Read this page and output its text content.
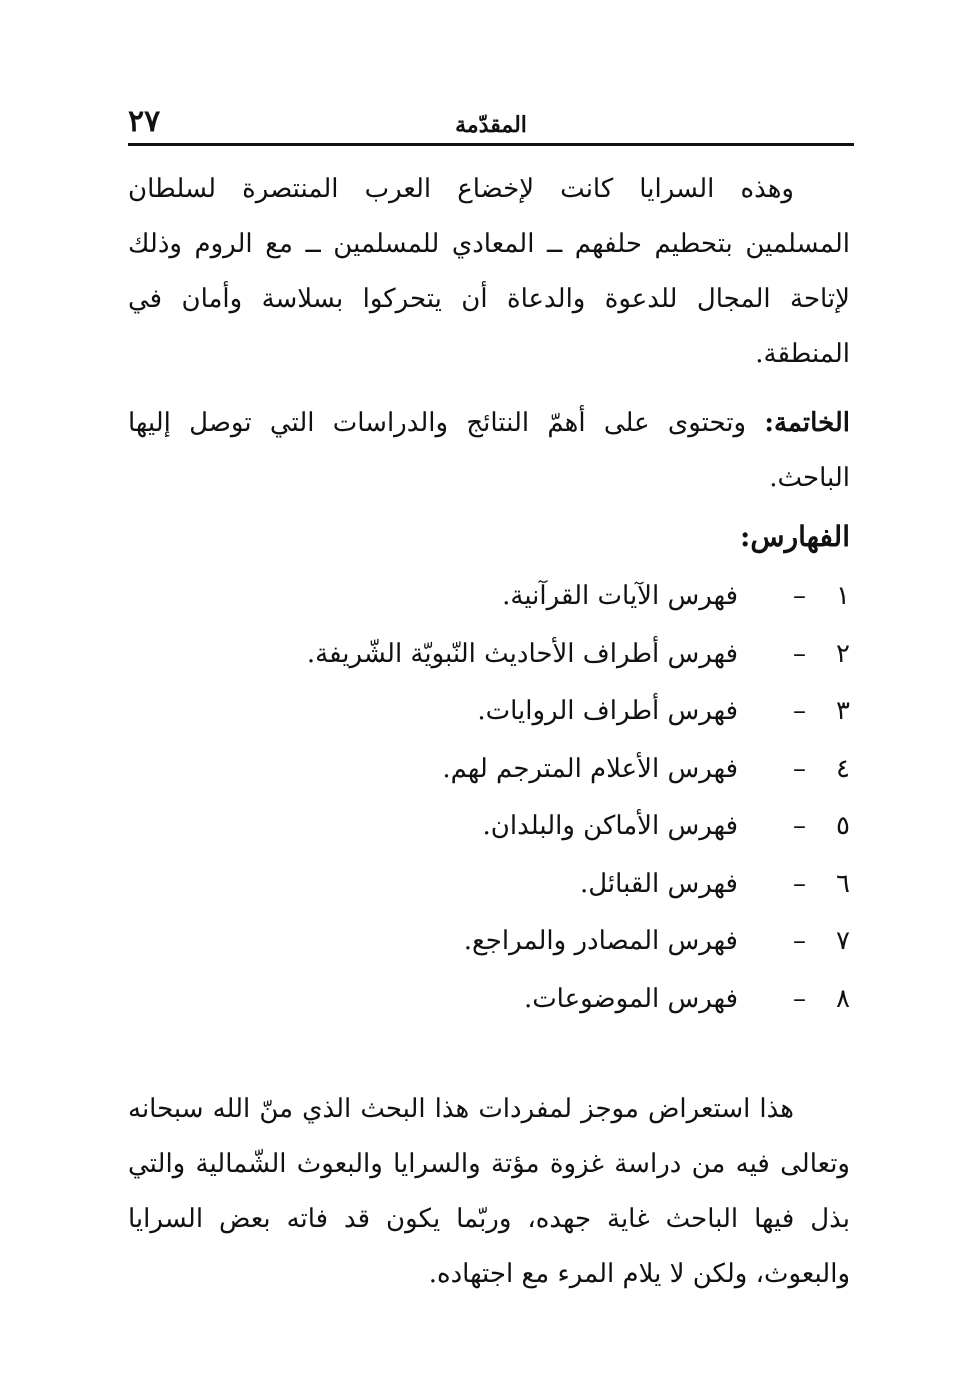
المقدّمة
٢٧
وهذه السرايا كانت لإخضاع العرب المنتصرة لسلطان المسلمين بتحطيم حلفهم ــ المعادي للمسلمين ــ مع الروم وذلك لإتاحة المجال للدعوة والدعاة أن يتحركوا بسلاسة وأمان في المنطقة.
الخاتمة: وتحتوى على أهمّ النتائج والدراسات التي توصل إليها الباحث.
الفهارس:
١–فهرس الآيات القرآنية.
٢–فهرس أطراف الأحاديث النّبويّة الشّريفة.
٣–فهرس أطراف الروايات.
٤–فهرس الأعلام المترجم لهم.
٥–فهرس الأماكن والبلدان.
٦–فهرس القبائل.
٧–فهرس المصادر والمراجع.
٨–فهرس الموضوعات.
هذا استعراض موجز لمفردات هذا البحث الذي منّ الله سبحانه وتعالى فيه من دراسة غزوة مؤتة والسرايا والبعوث الشّمالية والتي بذل فيها الباحث غاية جهده، وربّما يكون قد فاته بعض السرايا والبعوث، ولكن لا يلام المرء مع اجتهاده.
